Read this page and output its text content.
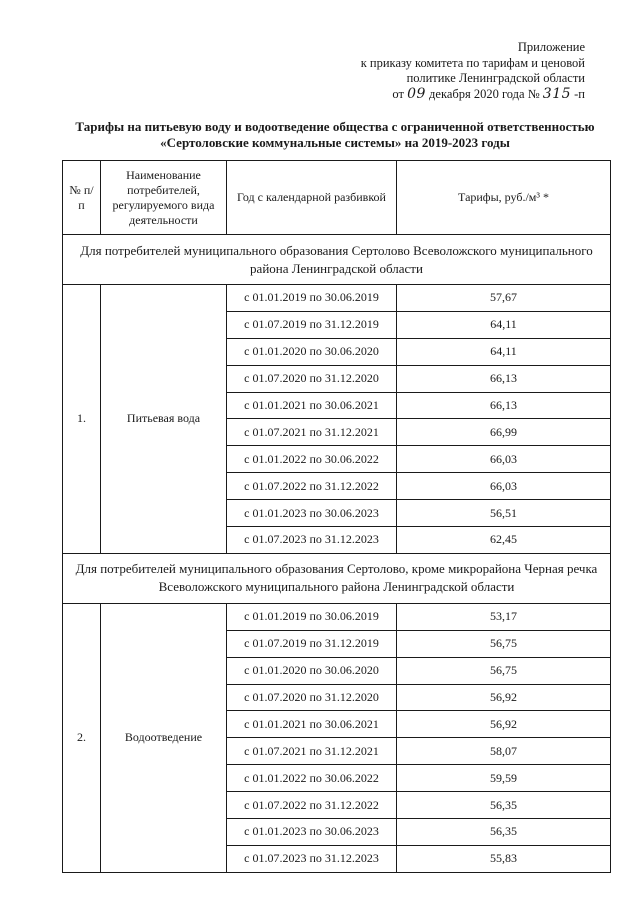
Приложение
к приказу комитета по тарифам и ценовой
политике Ленинградской области
от 09 декабря 2020 года № 315 -п
Тарифы на питьевую воду и водоотведение общества с ограниченной ответственностью
«Сертоловские коммунальные системы» на 2019-2023 годы
№ п/п	Наименование потребителей, регулируемого вида деятельности	Год с календарной разбивкой	Тарифы, руб./м³ *
Для потребителей муниципального образования Сертолово Всеволожского муниципального района Ленинградской области			
1.	Питьевая вода	с 01.01.2019 по 30.06.2019	57,67
		с 01.07.2019 по 31.12.2019	64,11
		с 01.01.2020 по 30.06.2020	64,11
		с 01.07.2020 по 31.12.2020	66,13
		с 01.01.2021 по 30.06.2021	66,13
		с 01.07.2021 по 31.12.2021	66,99
		с 01.01.2022 по 30.06.2022	66,03
		с 01.07.2022 по 31.12.2022	66,03
		с 01.01.2023 по 30.06.2023	56,51
		с 01.07.2023 по 31.12.2023	62,45
Для потребителей муниципального образования Сертолово, кроме микрорайона Черная речка Всеволожского муниципального района Ленинградской области			
2.	Водоотведение	с 01.01.2019 по 30.06.2019	53,17
		с 01.07.2019 по 31.12.2019	56,75
		с 01.01.2020 по 30.06.2020	56,75
		с 01.07.2020 по 31.12.2020	56,92
		с 01.01.2021 по 30.06.2021	56,92
		с 01.07.2021 по 31.12.2021	58,07
		с 01.01.2022 по 30.06.2022	59,59
		с 01.07.2022 по 31.12.2022	56,35
		с 01.01.2023 по 30.06.2023	56,35
		с 01.07.2023 по 31.12.2023	55,83
